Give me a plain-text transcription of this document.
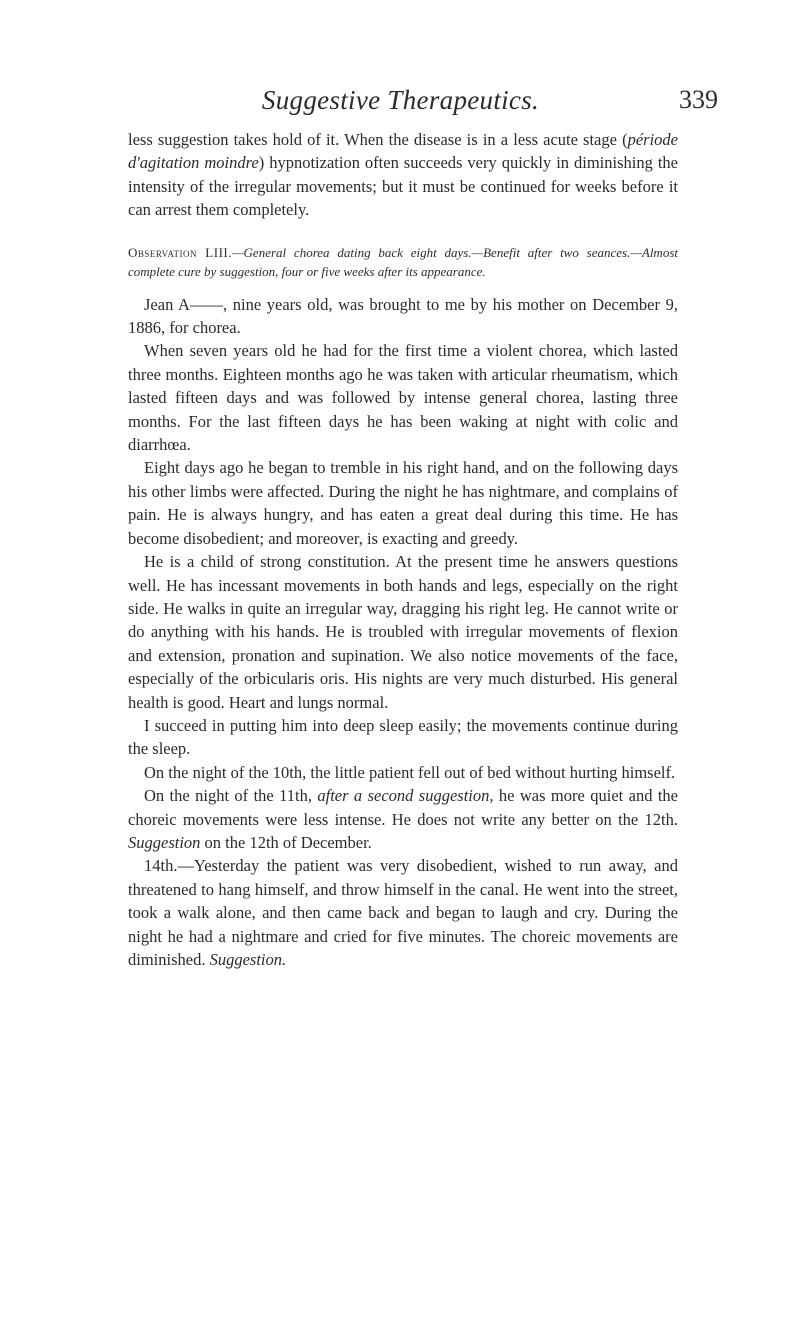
Suggestive Therapeutics.	339

less suggestion takes hold of it. When the disease is in a less acute stage (période d'agitation moindre) hypnotization often succeeds very quickly in diminishing the intensity of the irregular movements; but it must be continued for weeks before it can arrest them completely.

Observation LIII.—General chorea dating back eight days.—Benefit after two seances.—Almost complete cure by suggestion, four or five weeks after its appearance.

Jean A——, nine years old, was brought to me by his mother on December 9, 1886, for chorea.

When seven years old he had for the first time a violent chorea, which lasted three months. Eighteen months ago he was taken with articular rheumatism, which lasted fifteen days and was followed by intense general chorea, lasting three months. For the last fifteen days he has been waking at night with colic and diarrhœa.

Eight days ago he began to tremble in his right hand, and on the following days his other limbs were affected. During the night he has nightmare, and complains of pain. He is always hungry, and has eaten a great deal during this time. He has become disobedient; and moreover, is exacting and greedy.

He is a child of strong constitution. At the present time he answers questions well. He has incessant movements in both hands and legs, especially on the right side. He walks in quite an irregular way, dragging his right leg. He cannot write or do anything with his hands. He is troubled with irregular movements of flexion and extension, pronation and supination. We also notice movements of the face, especially of the orbicularis oris. His nights are very much disturbed. His general health is good. Heart and lungs normal.

I succeed in putting him into deep sleep easily; the movements continue during the sleep.

On the night of the 10th, the little patient fell out of bed without hurting himself.

On the night of the 11th, after a second suggestion, he was more quiet and the choreic movements were less intense. He does not write any better on the 12th. Suggestion on the 12th of December.

14th.—Yesterday the patient was very disobedient, wished to run away, and threatened to hang himself, and throw himself in the canal. He went into the street, took a walk alone, and then came back and began to laugh and cry. During the night he had a nightmare and cried for five minutes. The choreic movements are diminished. Suggestion.
